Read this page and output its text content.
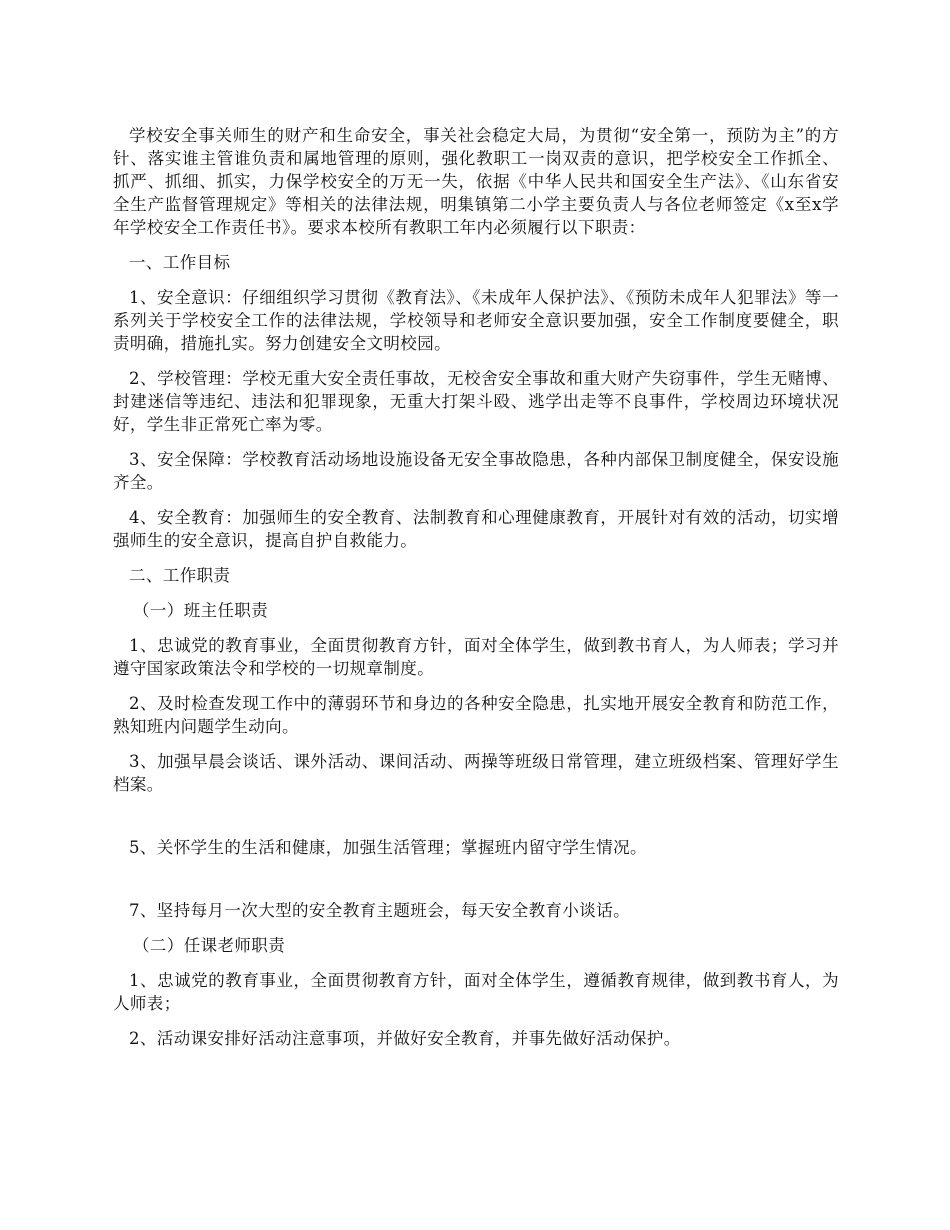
学校安全事关师生的财产和生命安全，事关社会稳定大局，为贯彻“安全第一，预防为主”的方针、落实谁主管谁负责和属地管理的原则，强化教职工一岗双责的意识，把学校安全工作抓全、抓严、抓细、抓实，力保学校安全的万无一失，依据《中华人民共和国安全生产法》、《山东省安全生产监督管理规定》等相关的法律法规，明集镇第二小学主要负责人与各位老师签定《x至x学年学校安全工作责任书》。要求本校所有教职工年内必须履行以下职责：

一、工作目标

1、安全意识：仔细组织学习贯彻《教育法》、《未成年人保护法》、《预防未成年人犯罪法》等一系列关于学校安全工作的法律法规，学校领导和老师安全意识要加强，安全工作制度要健全，职责明确，措施扎实。努力创建安全文明校园。

2、学校管理：学校无重大安全责任事故，无校舍安全事故和重大财产失窃事件，学生无赌博、封建迷信等违纪、违法和犯罪现象，无重大打架斗殴、逃学出走等不良事件，学校周边环境状况好，学生非正常死亡率为零。

3、安全保障：学校教育活动场地设施设备无安全事故隐患，各种内部保卫制度健全，保安设施齐全。

4、安全教育：加强师生的安全教育、法制教育和心理健康教育，开展针对有效的活动，切实增强师生的安全意识，提高自护自救能力。

二、工作职责

（一）班主任职责

1、忠诚党的教育事业，全面贯彻教育方针，面对全体学生，做到教书育人，为人师表；学习并遵守国家政策法令和学校的一切规章制度。

2、及时检查发现工作中的薄弱环节和身边的各种安全隐患，扎实地开展安全教育和防范工作，熟知班内问题学生动向。

3、加强早晨会谈话、课外活动、课间活动、两操等班级日常管理，建立班级档案、管理好学生档案。

5、关怀学生的生活和健康，加强生活管理；掌握班内留守学生情况。

7、坚持每月一次大型的安全教育主题班会，每天安全教育小谈话。

（二）任课老师职责

1、忠诚党的教育事业，全面贯彻教育方针，面对全体学生，遵循教育规律，做到教书育人，为人师表；

2、活动课安排好活动注意事项，并做好安全教育，并事先做好活动保护。
